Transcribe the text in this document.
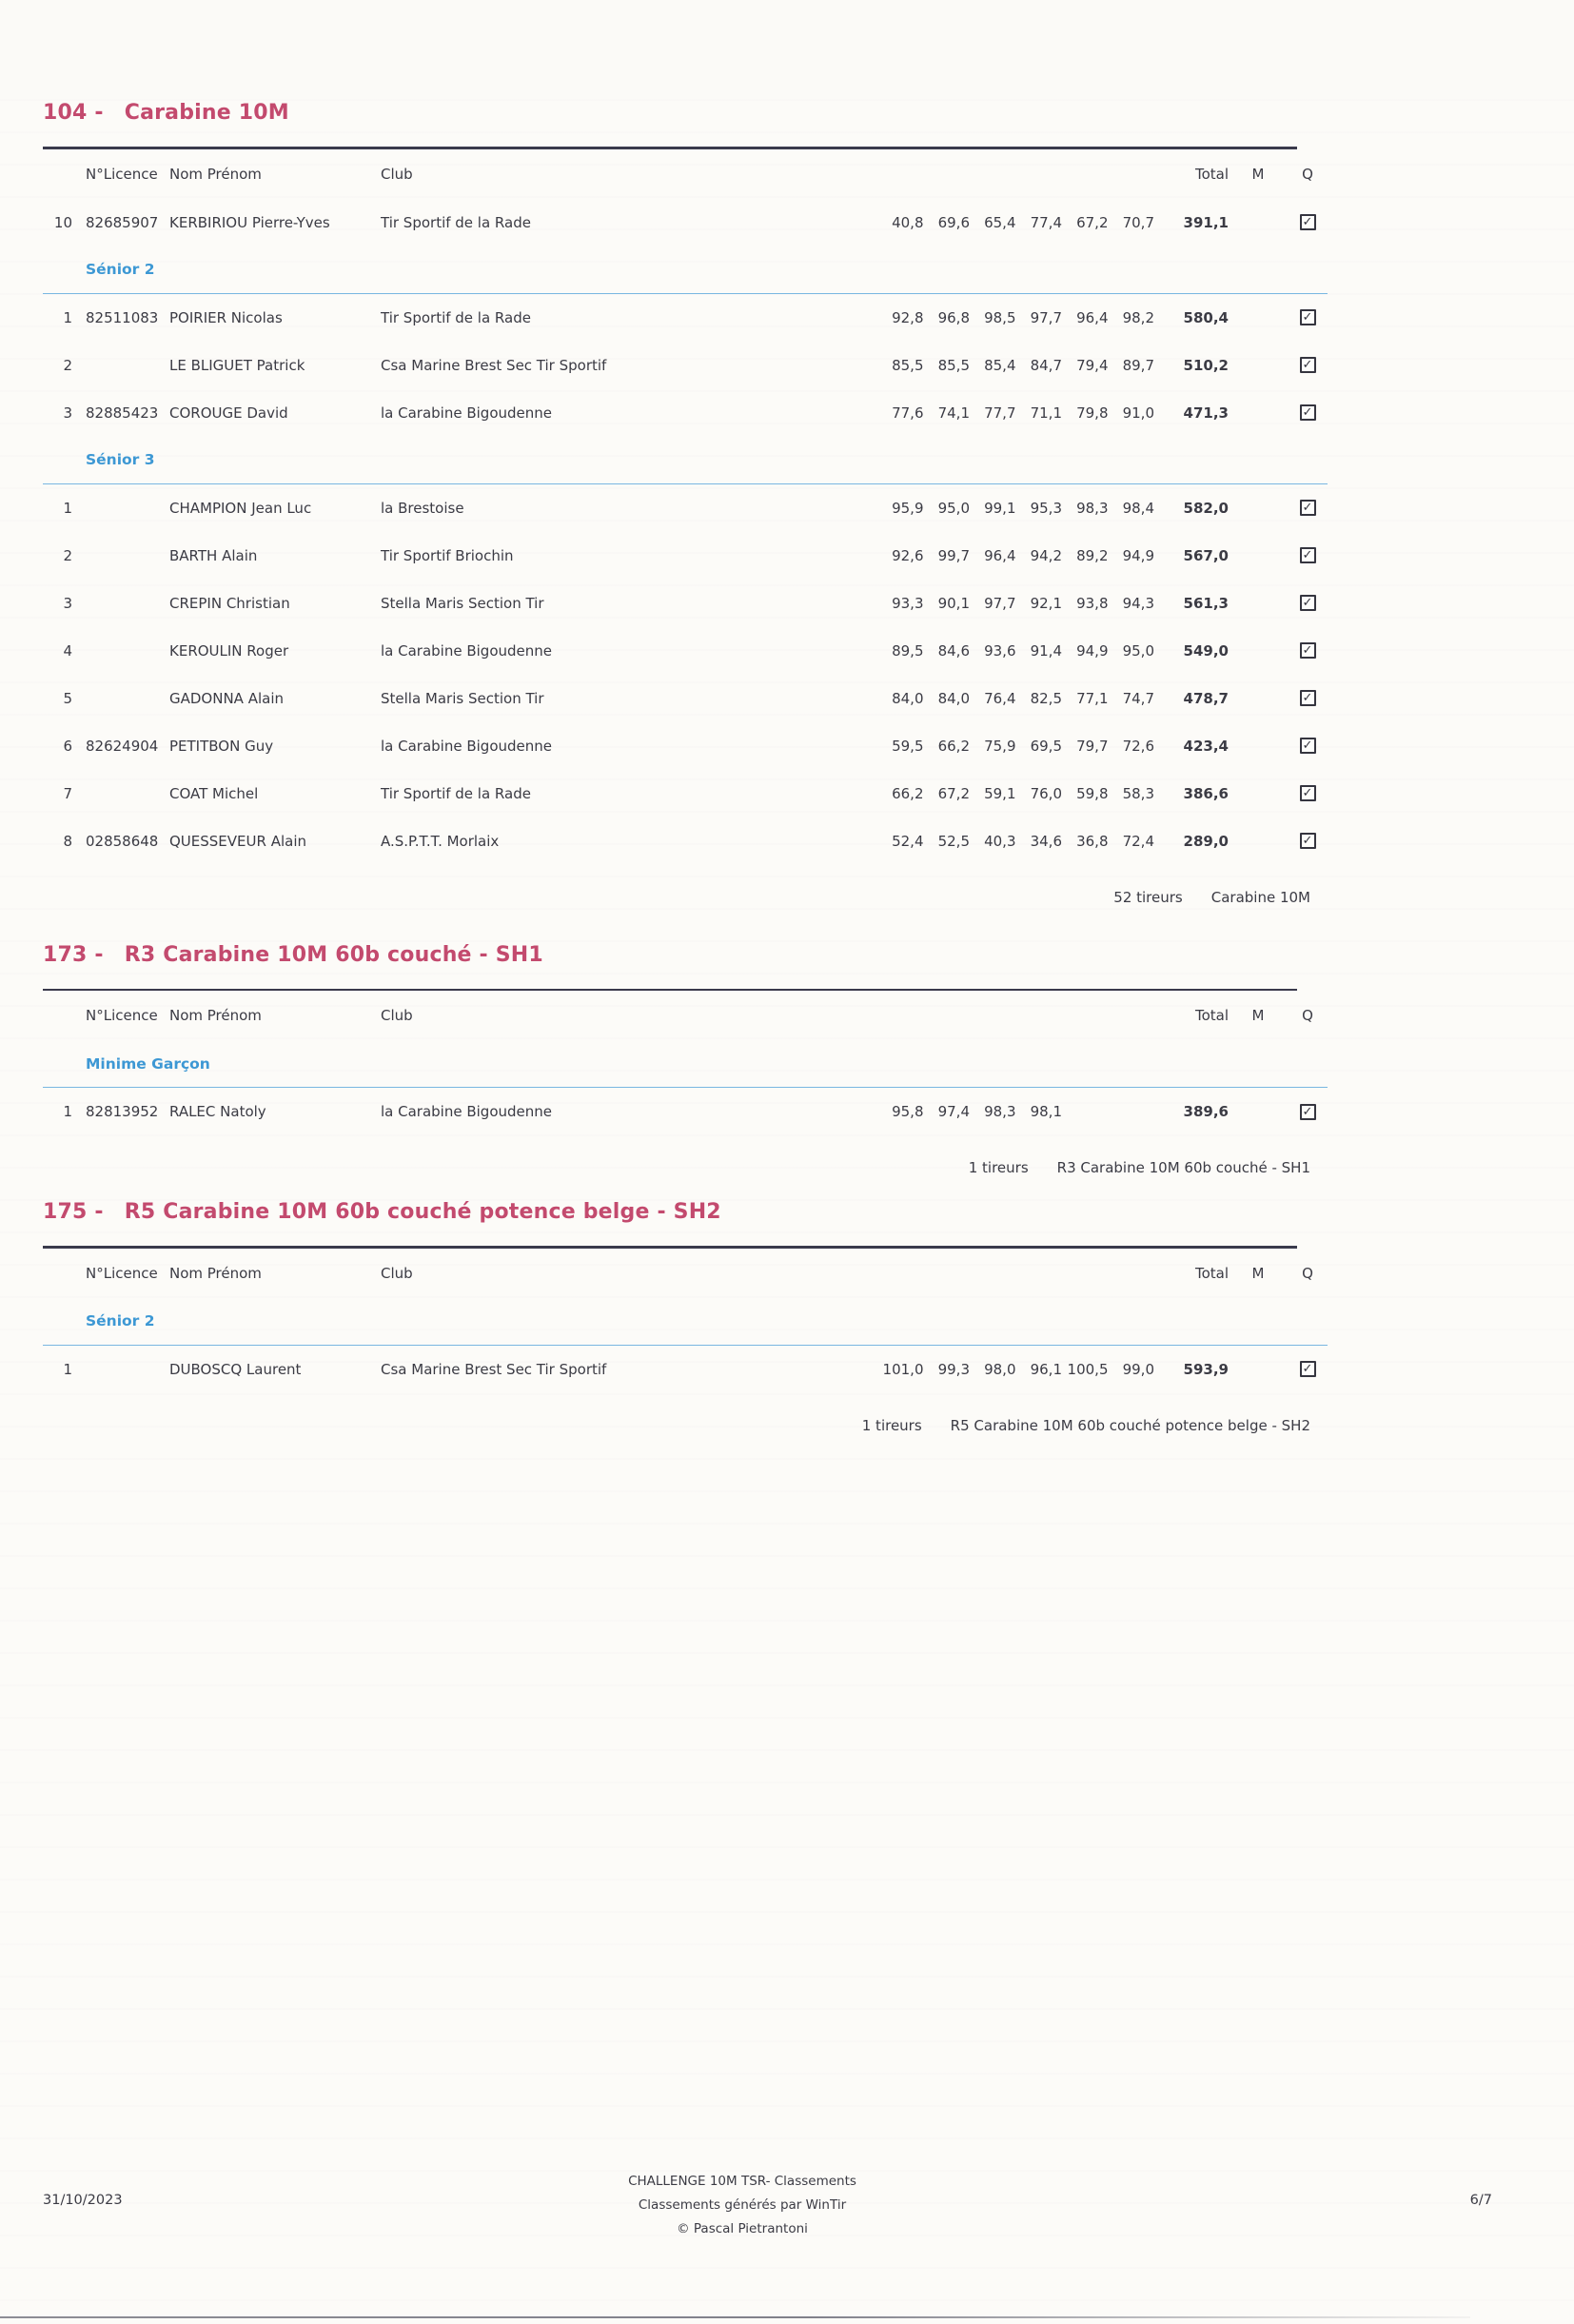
104 - Carabine 10M
N°Licence Nom Prénom	Club	Total	M	Q
10 82685907 KERBIRIOU Pierre-Yves	Tir Sportif de la Rade	40,8	69,6	65,4	77,4	67,2	70,7	391,1	✓
Sénior 2
1 82511083 POIRIER Nicolas	Tir Sportif de la Rade	92,8	96,8	98,5	97,7	96,4	98,2	580,4	✓
2	LE BLIGUET Patrick	Csa Marine Brest Sec Tir Sportif	85,5	85,5	85,4	84,7	79,4	89,7	510,2	✓
3 82885423 COROUGE David	la Carabine Bigoudenne	77,6	74,1	77,7	71,1	79,8	91,0	471,3	✓
Sénior 3
1	CHAMPION Jean Luc	la Brestoise	95,9	95,0	99,1	95,3	98,3	98,4	582,0	✓
2	BARTH Alain	Tir Sportif Briochin	92,6	99,7	96,4	94,2	89,2	94,9	567,0	✓
3	CREPIN Christian	Stella Maris Section Tir	93,3	90,1	97,7	92,1	93,8	94,3	561,3	✓
4	KEROULIN Roger	la Carabine Bigoudenne	89,5	84,6	93,6	91,4	94,9	95,0	549,0	✓
5	GADONNA Alain	Stella Maris Section Tir	84,0	84,0	76,4	82,5	77,1	74,7	478,7	✓
6 82624904 PETITBON Guy	la Carabine Bigoudenne	59,5	66,2	75,9	69,5	79,7	72,6	423,4	✓
7	COAT Michel	Tir Sportif de la Rade	66,2	67,2	59,1	76,0	59,8	58,3	386,6	✓
8 02858648 QUESSEVEUR Alain	A.S.P.T.T. Morlaix	52,4	52,5	40,3	34,6	36,8	72,4	289,0	✓
52 tireurs Carabine 10M
173 - R3 Carabine 10M 60b couché - SH1
N°Licence Nom Prénom	Club	Total	M	Q
Minime Garçon
1 82813952 RALEC Natoly	la Carabine Bigoudenne	95,8	97,4	98,3	98,1	389,6	✓
1 tireurs R3 Carabine 10M 60b couché - SH1
175 - R5 Carabine 10M 60b couché potence belge - SH2
N°Licence Nom Prénom	Club	Total	M	Q
Sénior 2
1	DUBOSCQ Laurent	Csa Marine Brest Sec Tir Sportif	101,0	99,3	98,0	96,1 100,5	99,0	593,9	✓
1 tireurs R5 Carabine 10M 60b couché potence belge - SH2
31/10/2023
CHALLENGE 10M TSR- Classements
Classements générés par WinTir
© Pascal Pietrantoni
6/7
